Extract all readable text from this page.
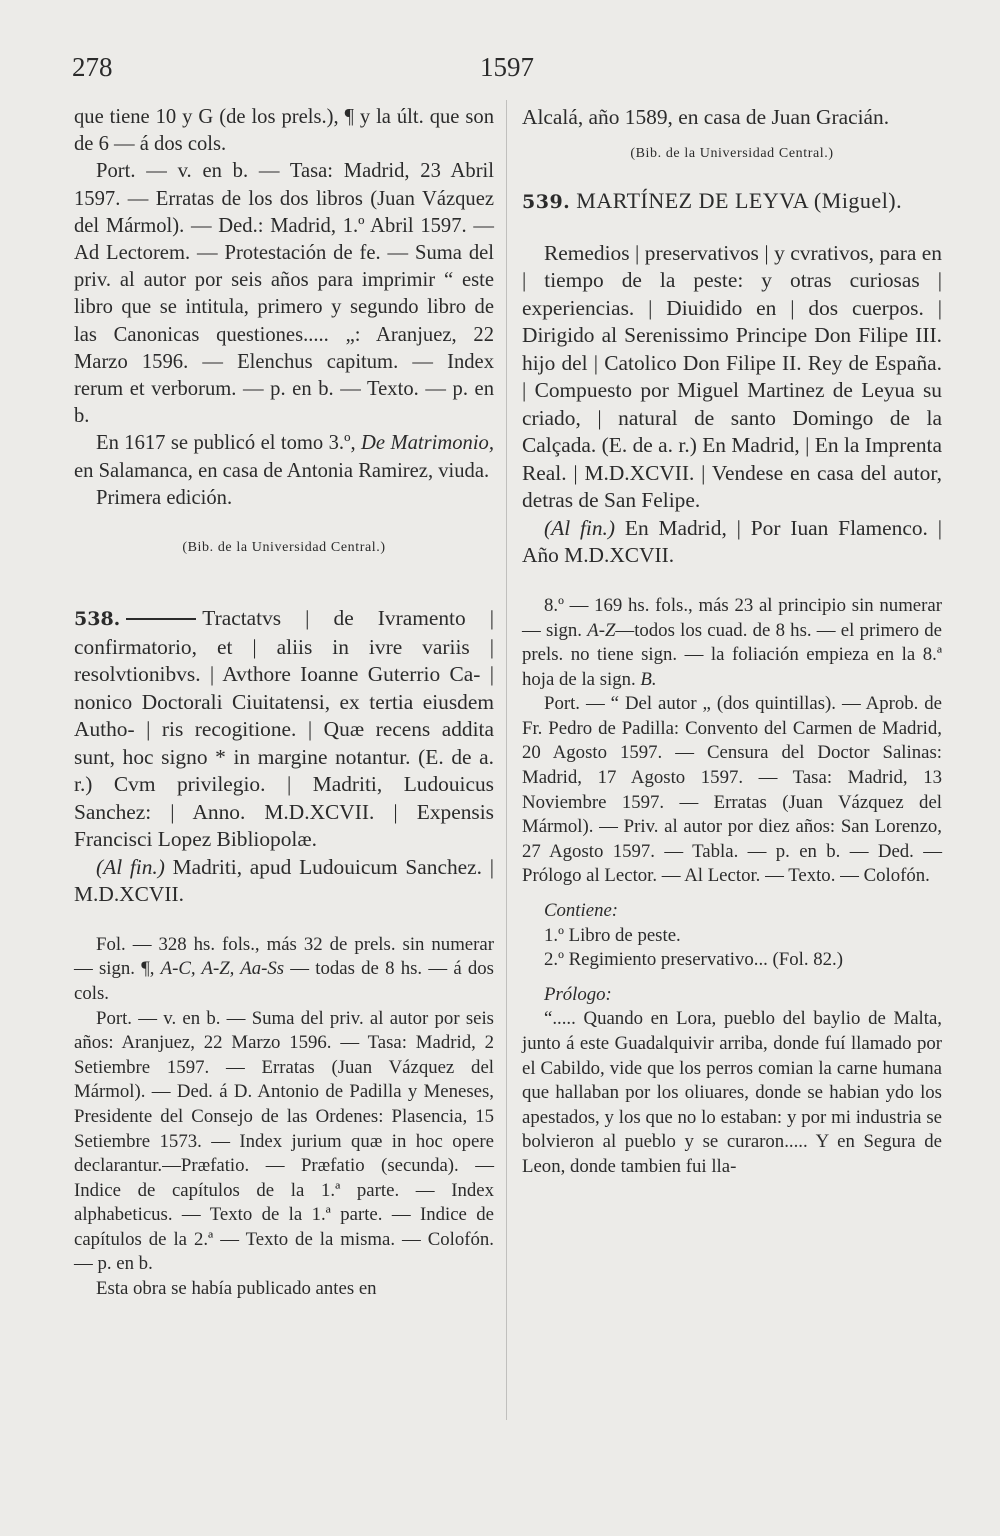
278	1597

que tiene 10 y G (de los prels.), ¶ y la últ. que son de 6 — á dos cols.

Port. — v. en b. — Tasa: Madrid, 23 Abril 1597. — Erratas de los dos libros (Juan Vázquez del Mármol). — Ded.: Madrid, 1.º Abril 1597. — Ad Lectorem. — Protestación de fe. — Suma del priv. al autor por seis años para imprimir “ este libro que se intitula, primero y segundo libro de las Canonicas questiones..... „: Aranjuez, 22 Marzo 1596. — Elenchus capitum. — Index rerum et verborum. — p. en b. — Texto. — p. en b.

En 1617 se publicó el tomo 3.º, De Matrimonio, en Salamanca, en casa de Antonia Ramirez, viuda.

Primera edición.

(Bib. de la Universidad Central.)

538.	Tractatvs | de Ivramento | confirmatorio, et | aliis in ivre variis | resolvtionibvs. | Avthore Ioanne Guterrio Ca- | nonico Doctorali Ciuitatensi, ex tertia eiusdem Autho- | ris recogitione. | Quæ recens addita sunt, hoc signo * in margine notantur. (E. de a. r.) Cvm privilegio. | Madriti, Ludouicus Sanchez: | Anno. M.D.XCVII. | Expensis Francisci Lopez Bibliopolæ.

(Al fin.) Madriti, apud Ludouicum Sanchez. | M.D.XCVII.

Fol. — 328 hs. fols., más 32 de prels. sin numerar — sign. ¶, A-C, A-Z, Aa-Ss — todas de 8 hs. — á dos cols.

Port. — v. en b. — Suma del priv. al autor por seis años: Aranjuez, 22 Marzo 1596. — Tasa: Madrid, 2 Setiembre 1597. — Erratas (Juan Vázquez del Mármol). — Ded. á D. Antonio de Padilla y Meneses, Presidente del Consejo de las Ordenes: Plasencia, 15 Setiembre 1573. — Index jurium quæ in hoc opere declarantur.—Præfatio. — Præfatio (secunda). — Indice de capítulos de la 1.ª parte. — Index alphabeticus. — Texto de la 1.ª parte. — Indice de capítulos de la 2.ª — Texto de la misma. — Colofón. — p. en b.

Esta obra se había publicado antes en

Alcalá, año 1589, en casa de Juan Gracián.

(Bib. de la Universidad Central.)

539. MARTÍNEZ DE LEYVA (Miguel).

Remedios | preservativos | y cvrativos, para en | tiempo de la peste: y otras curiosas | experiencias. | Diuidido en | dos cuerpos. | Dirigido al Serenissimo Principe Don Filipe III. hijo del | Catolico Don Filipe II. Rey de España. | Compuesto por Miguel Martinez de Leyua su criado, | natural de santo Domingo de la Calçada. (E. de a. r.) En Madrid, | En la Imprenta Real. | M.D.XCVII. | Vendese en casa del autor, detras de San Felipe.

(Al fin.) En Madrid, | Por Iuan Flamenco. | Año M.D.XCVII.

8.º — 169 hs. fols., más 23 al principio sin numerar— sign. A-Z—todos los cuad. de 8 hs. — el primero de prels. no tiene sign. — la foliación empieza en la 8.ª hoja de la sign. B.

Port. — “ Del autor „ (dos quintillas). — Aprob. de Fr. Pedro de Padilla: Convento del Carmen de Madrid, 20 Agosto 1597. — Censura del Doctor Salinas: Madrid, 17 Agosto 1597. — Tasa: Madrid, 13 Noviembre 1597. — Erratas (Juan Vázquez del Mármol). — Priv. al autor por diez años: San Lorenzo, 27 Agosto 1597. — Tabla. — p. en b. — Ded. — Prólogo al Lector. — Al Lector. — Texto. — Colofón.

Contiene:

1.º Libro de peste.

2.º Regimiento preservativo... (Fol. 82.)

Prólogo:

“..... Quando en Lora, pueblo del baylio de Malta, junto á este Guadalquivir arriba, donde fuí llamado por el Cabildo, vide que los perros comian la carne humana que hallaban por los oliuares, donde se habian ydo los apestados, y los que no lo estaban: y por mi industria se bolvieron al pueblo y se curaron..... Y en Segura de Leon, donde tambien fui lla-
